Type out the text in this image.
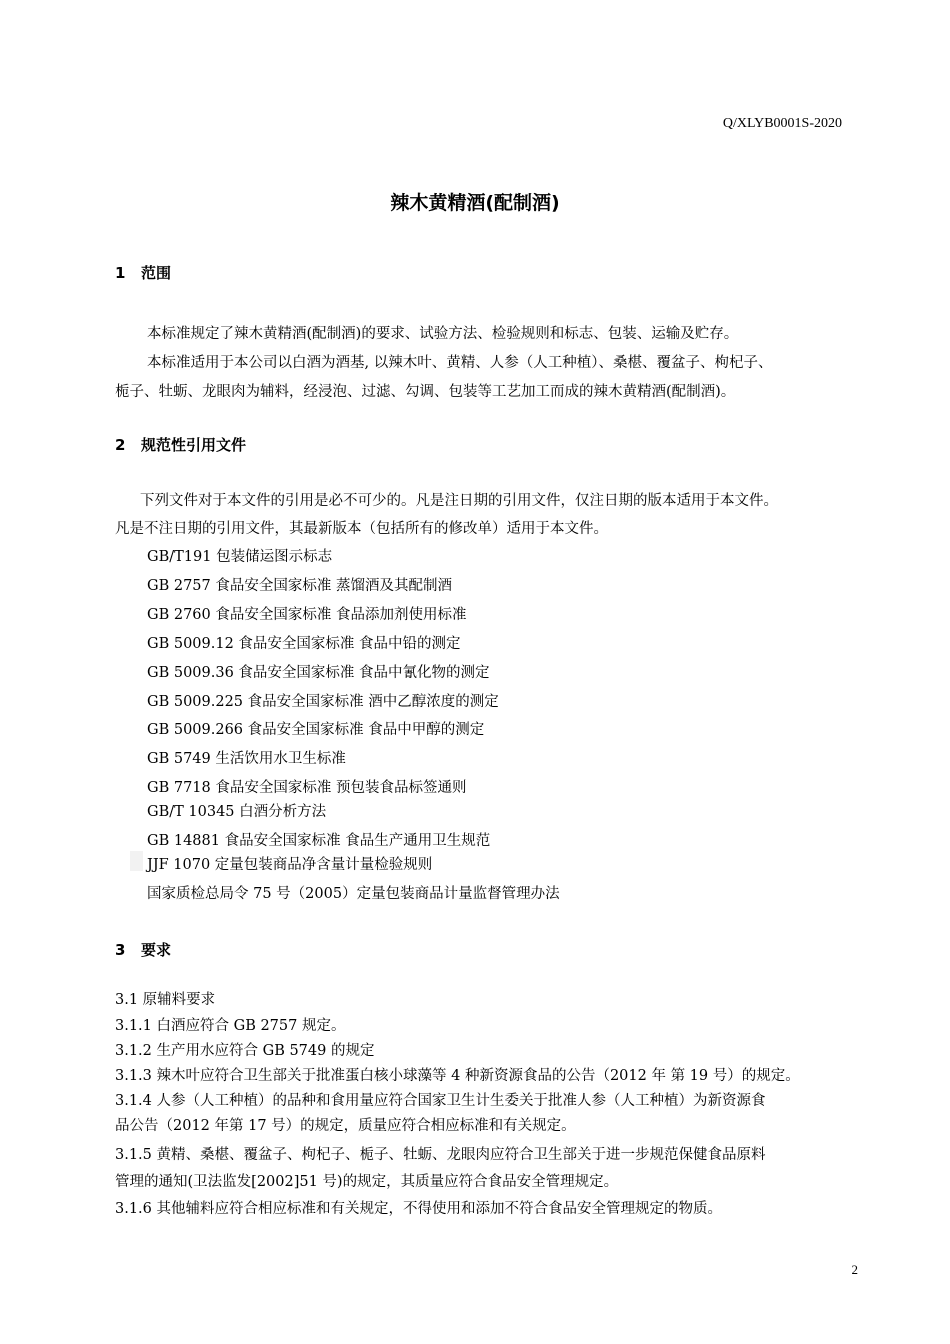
Q/XLYB0001S-2020
辣木黄精酒(配制酒)
1 范围
本标准规定了辣木黄精酒(配制酒)的要求、试验方法、检验规则和标志、包装、运输及贮存。
本标准适用于本公司以白酒为酒基, 以辣木叶、黄精、人参（人工种植）、桑椹、覆盆子、枸杞子、
栀子、牡蛎、龙眼肉为辅料，经浸泡、过滤、勾调、包装等工艺加工而成的辣木黄精酒(配制酒)。
2 规范性引用文件
下列文件对于本文件的引用是必不可少的。凡是注日期的引用文件，仅注日期的版本适用于本文件。
凡是不注日期的引用文件，其最新版本（包括所有的修改单）适用于本文件。
GB/T191 包装储运图示标志
GB 2757 食品安全国家标准 蒸馏酒及其配制酒
GB 2760 食品安全国家标准 食品添加剂使用标准
GB 5009.12 食品安全国家标准 食品中铅的测定
GB 5009.36 食品安全国家标准 食品中氰化物的测定
GB 5009.225 食品安全国家标准 酒中乙醇浓度的测定
GB 5009.266 食品安全国家标准 食品中甲醇的测定
GB 5749 生活饮用水卫生标准
GB 7718 食品安全国家标准 预包装食品标签通则
GB/T 10345 白酒分析方法
GB 14881 食品安全国家标准 食品生产通用卫生规范
JJF 1070 定量包装商品净含量计量检验规则
国家质检总局令 75 号（2005）定量包装商品计量监督管理办法
3 要求
3.1 原辅料要求
3.1.1 白酒应符合 GB 2757 规定。
3.1.2 生产用水应符合 GB 5749 的规定
3.1.3 辣木叶应符合卫生部关于批准蛋白核小球藻等 4 种新资源食品的公告（2012 年 第 19 号）的规定。
3.1.4 人参（人工种植）的品种和食用量应符合国家卫生计生委关于批准人参（人工种植）为新资源食
品公告（2012 年第 17 号）的规定，质量应符合相应标准和有关规定。
3.1.5 黄精、桑椹、覆盆子、枸杞子、栀子、牡蛎、龙眼肉应符合卫生部关于进一步规范保健食品原料
管理的通知(卫法监发[2002]51 号)的规定，其质量应符合食品安全管理规定。
3.1.6 其他辅料应符合相应标准和有关规定，不得使用和添加不符合食品安全管理规定的物质。
2
